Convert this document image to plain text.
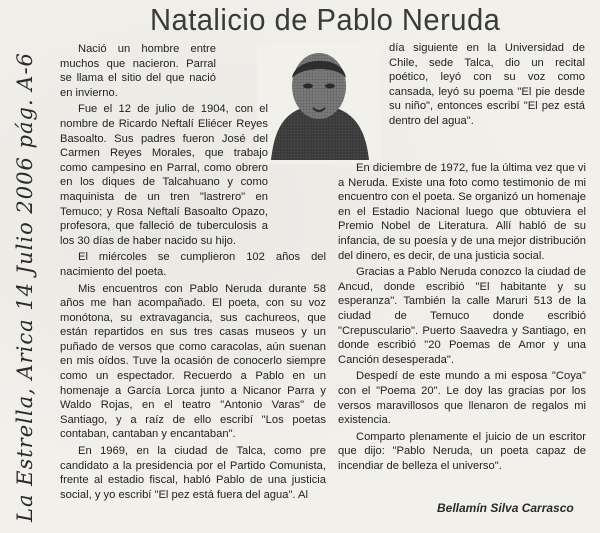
La Estrella, Arica 14 Julio 2006 pág. A-6
Natalicio de Pablo Neruda

Nació un hombre entre muchos que nacieron. Parral se llama el sitio del que nació en invierno.

Fue el 12 de julio de 1904, con el nombre de Ricardo Neftalí Eliécer Reyes Basoalto. Sus padres fueron José del Carmen Reyes Morales, que trabajo como campesino en Parral, como obrero en los diques de Talcahuano y como maquinista de un tren "lastrero" en Temuco; y Rosa Neftalí Basoalto Opazo, profesora, que falleció de tuberculosis a los 30 días de haber nacido su hijo.

El miércoles se cumplieron 102 años del nacimiento del poeta.

Mis encuentros con Pablo Neruda durante 58 años me han acompañado. El poeta, con su voz monótona, su extravagancia, sus cachureos, que están repartidos en sus tres casas museos y un puñado de versos que como caracolas, aún suenan en mis oídos. Tuve la ocasión de conocerlo siempre como un espectador. Recuerdo a Pablo en un homenaje a García Lorca junto a Nicanor Parra y Waldo Rojas, en el teatro "Antonio Varas" de Santiago, y a raíz de ello escribí "Los poetas contaban, cantaban y encantaban".

En 1969, en la ciudad de Talca, como pre candidato a la presidencia por el Partido Comunista, frente al estadio fiscal, habló Pablo de una justicia social, y yo escribí "El pez está fuera del agua". Al

día siguiente en la Universidad de Chile, sede Talca, dio un recital poético, leyó con su voz como cansada, leyó su poema "El pie desde su niño", entonces escribí "El pez está dentro del agua".

En diciembre de 1972, fue la última vez que vi a Neruda. Existe una foto como testimonio de mi encuentro con el poeta. Se organizó un homenaje en el Estadio Nacional luego que obtuviera el Premio Nobel de Literatura. Allí habló de su infancia, de su poesía y de una mejor distribución del dinero, es decir, de una justicia social.

Gracias a Pablo Neruda conozco la ciudad de Ancud, donde escribió "El habitante y su esperanza". También la calle Maruri 513 de la ciudad de Temuco donde escribió "Crepusculario". Puerto Saavedra y Santiago, en donde escribió "20 Poemas de Amor y una Canción desesperada".

Despedí de este mundo a mi esposa "Coya" con el "Poema 20". Le doy las gracias por los versos maravillosos que llenaron de regalos mi existencia.

Comparto plenamente el juicio de un escritor que dijo: "Pablo Neruda, un poeta capaz de incendiar de belleza el universo".

Bellamín Silva Carrasco
